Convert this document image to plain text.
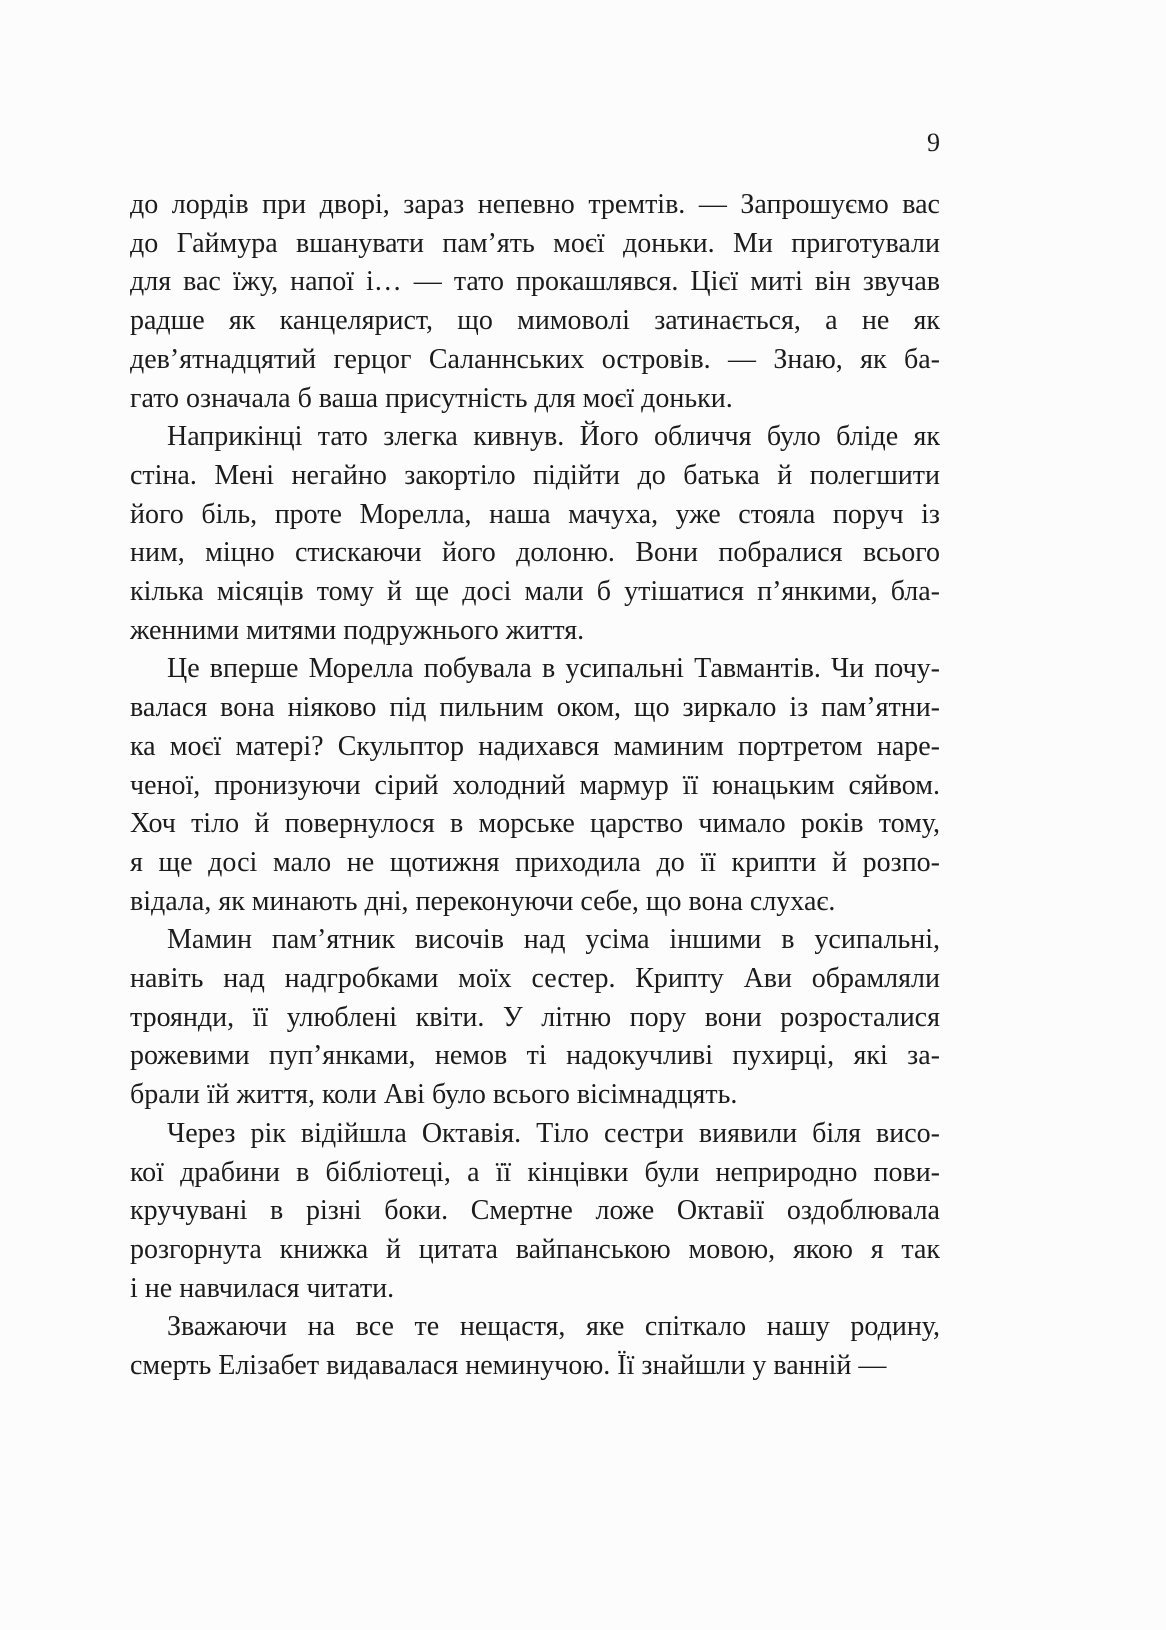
9
до лордів при дворі, зараз непевно тремтів. — Запрошуємо вас
до Гаймура вшанувати пам’ять моєї доньки. Ми приготували
для вас їжу, напої і… — тато прокашлявся. Цієї миті він звучав
радше як канцелярист, що мимоволі затинається, а не як
дев’ятнадцятий герцог Саланнських островів. — Знаю, як ба-
гато означала б ваша присутність для моєї доньки.
Наприкінці тато злегка кивнув. Його обличчя було бліде як
стіна. Мені негайно закортіло підійти до батька й полегшити
його біль, проте Морелла, наша мачуха, уже стояла поруч із
ним, міцно стискаючи його долоню. Вони побралися всього
кілька місяців тому й ще досі мали б утішатися п’янкими, бла-
женними митями подружнього життя.
Це вперше Морелла побувала в усипальні Тавмантів. Чи почу-
валася вона ніяково під пильним оком, що зиркало із пам’ятни-
ка моєї матері? Скульптор надихався маминим портретом наре-
ченої, пронизуючи сірий холодний мармур її юнацьким сяйвом.
Хоч тіло й повернулося в морське царство чимало років тому,
я ще досі мало не щотижня приходила до її крипти й розпо-
відала, як минають дні, переконуючи себе, що вона слухає.
Мамин пам’ятник височів над усіма іншими в усипальні,
навіть над надгробками моїх сестер. Крипту Ави обрамляли
троянди, її улюблені квіти. У літню пору вони розросталися
рожевими пуп’янками, немов ті надокучливі пухирці, які за-
брали їй життя, коли Аві було всього вісімнадцять.
Через рік відійшла Октавія. Тіло сестри виявили біля висо-
кої драбини в бібліотеці, а її кінцівки були неприродно пови-
кручувані в різні боки. Смертне ложе Октавії оздоблювала
розгорнута книжка й цитата вайпанською мовою, якою я так
і не навчилася читати.
Зважаючи на все те нещастя, яке спіткало нашу родину,
смерть Елізабет видавалася неминучою. Її знайшли у ванній —
